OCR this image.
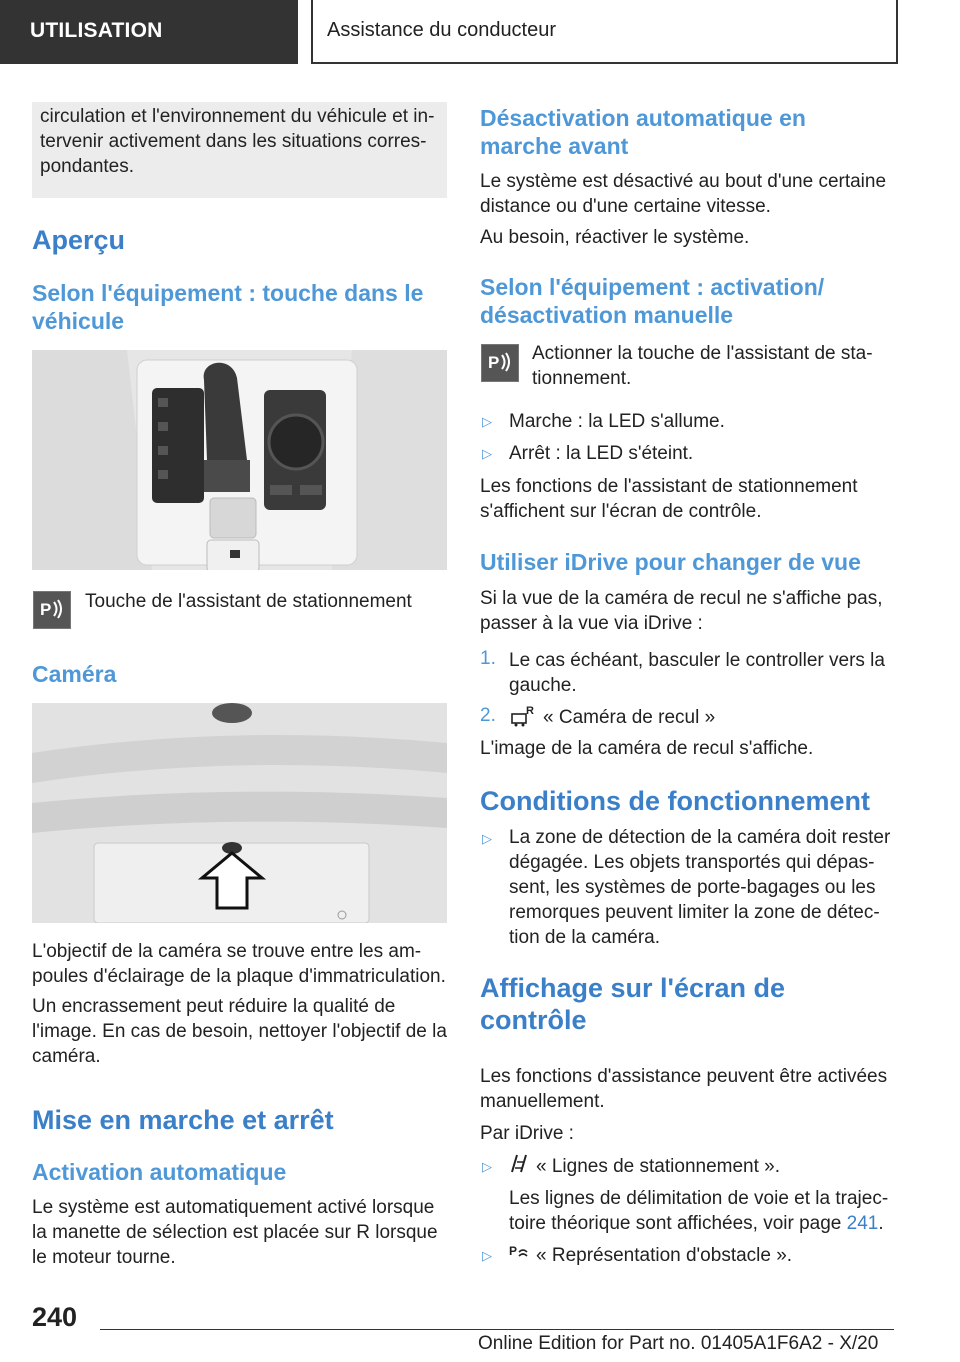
UTILISATION	Assistance du conducteur

circulation et l'environnement du véhicule et intervenir activement dans les situations correspondantes.

Aperçu
Selon l'équipement : touche dans le véhicule
P Touche de l'assistant de stationnement

Caméra

L'objectif de la caméra se trouve entre les ampoules d'éclairage de la plaque d'immatriculation.

Un encrassement peut réduire la qualité de l'image. En cas de besoin, nettoyer l'objectif de la caméra.

Mise en marche et arrêt
Activation automatique

Le système est automatiquement activé lorsque la manette de sélection est placée sur R lorsque le moteur tourne.

Désactivation automatique en marche avant

Le système est désactivé au bout d'une certaine distance ou d'une certaine vitesse.

Au besoin, réactiver le système.

Selon l'équipement : activation/ désactivation manuelle
P Actionner la touche de l'assistant de stationnement.

▷ Marche : la LED s'allume.

▷ Arrêt : la LED s'éteint.

Les fonctions de l'assistant de stationnement s'affichent sur l'écran de contrôle.

Utiliser iDrive pour changer de vue

Si la vue de la caméra de recul ne s'affiche pas, passer à la vue via iDrive :

1. Le cas échéant, basculer le controller vers la gauche.

2.	R « Caméra de recul »

L'image de la caméra de recul s'affiche.

Conditions de fonctionnement
▷ La zone de détection de la caméra doit rester dégagée. Les objets transportés qui dépassent, les systèmes de porte-bagages ou les remorques peuvent limiter la zone de détection de la caméra.

Affichage sur l'écran de contrôle

Les fonctions d'assistance peuvent être activées manuellement.

Par iDrive :

▷ « Lignes de stationnement ».

Les lignes de délimitation de voie et la trajectoire théorique sont affichées, voir page 241.

▷ P « Représentation d'obstacle ».

240
Online Edition for Part no. 01405A1F6A2 - X/20
